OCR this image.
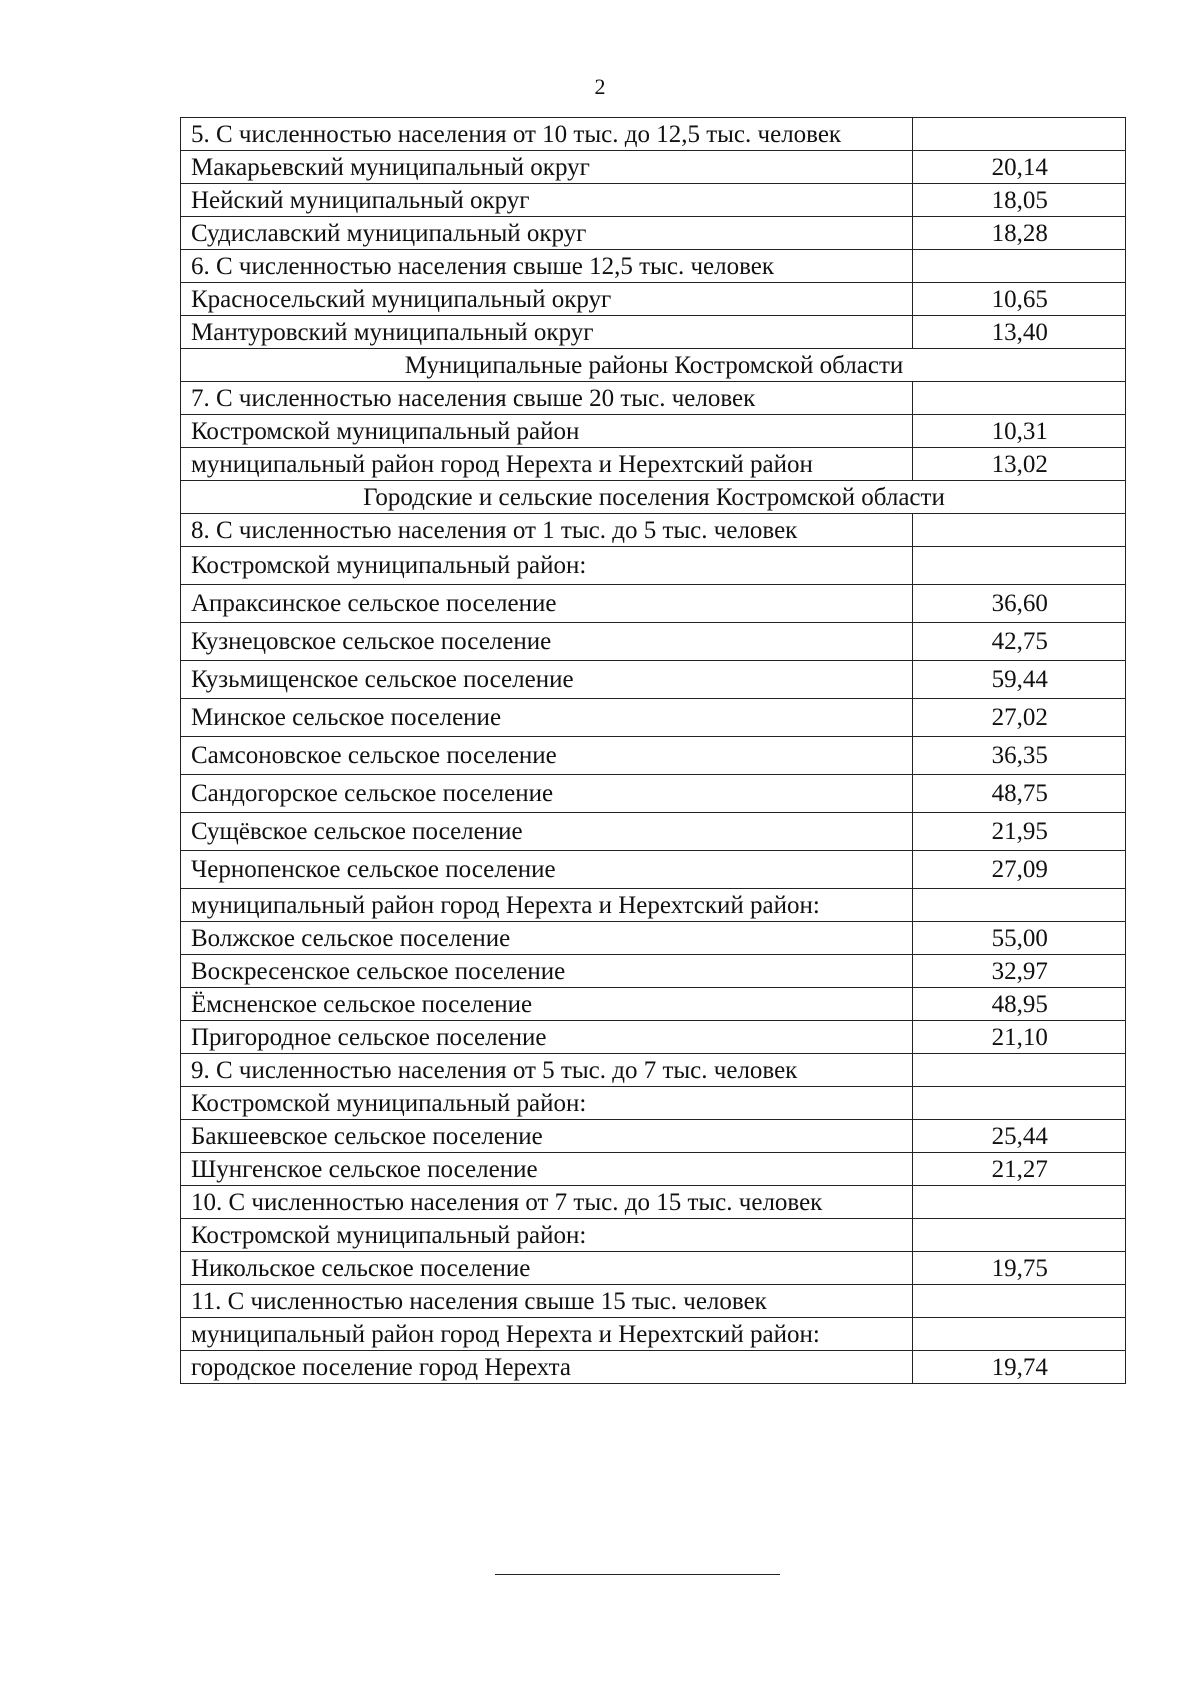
2
5. С численностью населения от 10 тыс. до 12,5 тыс. человек	
Макарьевский муниципальный округ	20,14
Нейский муниципальный округ	18,05
Судиславский муниципальный округ	18,28
6. С численностью населения свыше 12,5 тыс. человек	
Красносельский муниципальный округ	10,65
Мантуровский муниципальный округ	13,40
Муниципальные районы Костромской области	
7. С численностью населения свыше 20 тыс. человек	
Костромской муниципальный район	10,31
муниципальный район город Нерехта и Нерехтский район	13,02
Городские и сельские поселения Костромской области	
8. С численностью населения от 1 тыс. до 5 тыс. человек	
Костромской муниципальный район:	
Апраксинское сельское поселение	36,60
Кузнецовское сельское поселение	42,75
Кузьмищенское сельское поселение	59,44
Минское сельское поселение	27,02
Самсоновское сельское поселение	36,35
Сандогорское сельское поселение	48,75
Сущёвское сельское поселение	21,95
Чернопенское сельское поселение	27,09
муниципальный район город Нерехта и Нерехтский район:	
Волжское сельское поселение	55,00
Воскресенское сельское поселение	32,97
Ёмсненское сельское поселение	48,95
Пригородное сельское поселение	21,10
9. С численностью населения от 5 тыс. до 7 тыс. человек	
Костромской муниципальный район:	
Бакшеевское сельское поселение	25,44
Шунгенское сельское поселение	21,27
10. С численностью населения от 7 тыс. до 15 тыс. человек	
Костромской муниципальный район:	
Никольское сельское поселение	19,75
11. С численностью населения свыше 15 тыс. человек	
муниципальный район город Нерехта и Нерехтский район:	
городское поселение город Нерехта	19,74
